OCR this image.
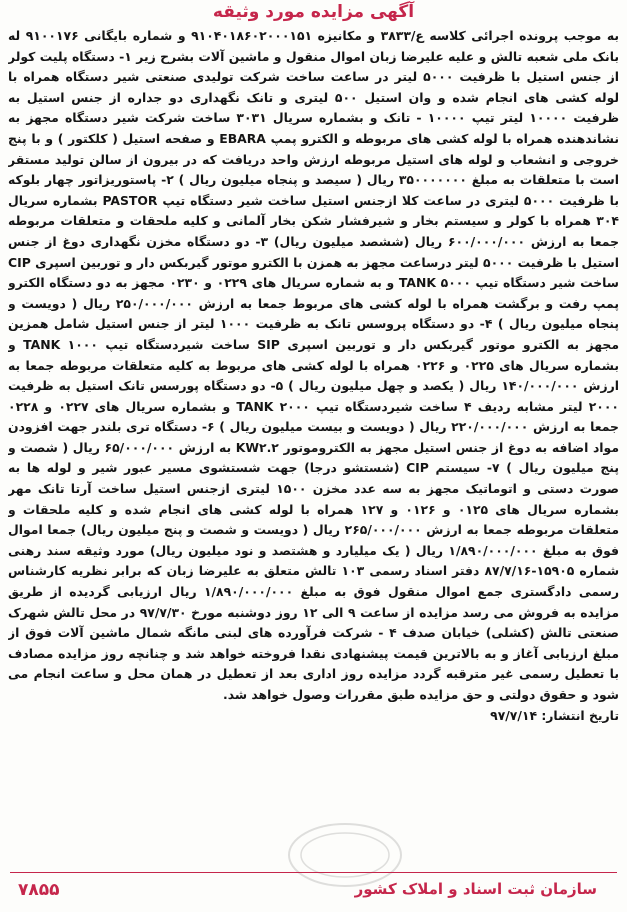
آگهی مزایده مورد وثیقه

به موجب پرونده اجرائی کلاسه ع/۳۸۳۳ و مکانیزه ۹۱۰۴۰۱۸۶۰۲۰۰۰۱۵۱ و شماره بایگانی ۹۱۰۰۱۷۶ له بانک ملی شعبه تالش و علیه علیرضا زبان اموال منقول و ماشین آلات بشرح زیر ۱- دستگاه پلیت کولر از جنس استیل با ظرفیت ۵۰۰۰ لیتر در ساعت ساخت شرکت تولیدی صنعتی شیر دستگاه همراه با لوله کشی های انجام شده و وان استیل ۵۰۰ لیتری و تانک نگهداری دو جداره از جنس استیل به ظرفیت ۱۰۰۰۰ لیتر تیپ ۱۰۰۰۰ - تانک و بشماره سریال ۳۰۳۱ ساخت شرکت شیر دستگاه مجهز به نشاندهنده همراه با لوله کشی های مربوطه و الکترو پمپ EBARA و صفحه استیل ( کلکتور ) و با پنج خروجی و انشعاب و لوله های استیل مربوطه ارزش واحد دریافت که در بیرون از سالن تولید مستقر است با متعلقات به مبلغ ۳۵۰۰۰۰۰۰۰ ریال ( سیصد و پنجاه میلیون ریال ) ۲- پاستوریزاتور چهار بلوکه با ظرفیت ۵۰۰۰ لیتری در ساعت کلا ازجنس استیل ساخت شیر دستگاه تیپ PASTOR بشماره سریال ۳۰۴ همراه با کولر و سیستم بخار و شیرفشار شکن بخار آلمانی و کلیه ملحقات و متعلقات مربوطه جمعا به ارزش ۶۰۰/۰۰۰/۰۰۰ ریال (ششصد میلیون ریال) ۳- دو دستگاه مخزن نگهداری دوغ از جنس استیل با ظرفیت ۵۰۰۰ لیتر درساعت مجهز به همزن با الکترو موتور گیربکس دار و توربین اسپری CIP ساخت شیر دستگاه تیپ TANK ۵۰۰۰ و به شماره سریال های ۰۲۲۹ و ۰۲۳۰ مجهز به دو دستگاه الکترو پمپ رفت و برگشت همراه با لوله کشی های مربوط جمعا به ارزش ۲۵۰/۰۰۰/۰۰۰ ریال ( دویست و پنجاه میلیون ریال ) ۴- دو دستگاه پروسس تانک به ظرفیت ۱۰۰۰ لیتر از جنس استیل شامل همزین مجهز به الکترو موتور گیربکس دار و توربین اسپری SIP ساخت شیردستگاه تیپ TANK ۱۰۰۰ و بشماره سریال های ۰۲۲۵ و ۰۲۲۶ همراه با لوله کشی های مربوط به کلیه متعلقات مربوطه جمعا به ارزش ۱۴۰/۰۰۰/۰۰۰ ریال ( یکصد و چهل میلیون ریال ) ۵- دو دستگاه پورسس تانک استیل به ظرفیت ۲۰۰۰ لیتر مشابه ردیف ۴ ساخت شیردستگاه تیپ TANK ۲۰۰۰ و بشماره سریال های ۰۲۲۷ و ۰۲۲۸ جمعا به ارزش ۲۲۰/۰۰۰/۰۰۰ ریال ( دویست و بیست میلیون ریال ) ۶- دستگاه تری بلندر جهت افزودن مواد اضافه به دوغ از جنس استیل مجهز به الکتروموتور KW۲.۲ به ارزش ۶۵/۰۰۰/۰۰۰ ریال ( شصت و پنج میلیون ریال ) ۷- سیستم CIP (شستشو درجا) جهت شستشوی مسیر عبور شیر و لوله ها به صورت دستی و اتوماتیک مجهز به سه عدد مخزن ۱۵۰۰ لیتری ازجنس استیل ساخت آرتا تانک مهر بشماره سریال های ۰۱۲۵ و ۰۱۲۶ و ۱۲۷ همراه با لوله کشی های انجام شده و کلیه ملحقات و متعلقات مربوطه جمعا به ارزش ۲۶۵/۰۰۰/۰۰۰ ریال ( دویست و شصت و پنج میلیون ریال) جمعا اموال فوق به مبلغ ۱/۸۹۰/۰۰۰/۰۰۰ ریال ( یک میلیارد و هشتصد و نود میلیون ریال) مورد وثیقه سند رهنی شماره ۱۵۹۰۵-۸۷/۷/۱۶ دفتر اسناد رسمی ۱۰۳ تالش متعلق به علیرضا زبان که برابر نظریه کارشناس رسمی دادگستری جمع اموال منقول فوق به مبلغ ۱/۸۹۰/۰۰۰/۰۰۰ ریال ارزیابی گردیده از طریق مزایده به فروش می رسد مزایده از ساعت ۹ الی ۱۲ روز دوشنبه مورخ ۹۷/۷/۳۰ در محل تالش شهرک صنعتی تالش (کشلی) خیابان صدف ۴ - شرکت فرآورده های لبنی مانگه شمال ماشین آلات فوق از مبلغ ارزیابی آغاز و به بالاترین قیمت پیشنهادی نقدا فروخته خواهد شد و چنانچه روز مزایده مصادف با تعطیل رسمی غیر مترقبه گردد مزایده روز اداری بعد از تعطیل در همان محل و ساعت انجام می شود و حقوق دولتی و حق مزایده طبق مقررات وصول خواهد شد.

تاریخ انتشار: ۹۷/۷/۱۴

سازمان ثبت اسناد و املاک کشور
۷۸۵۵
